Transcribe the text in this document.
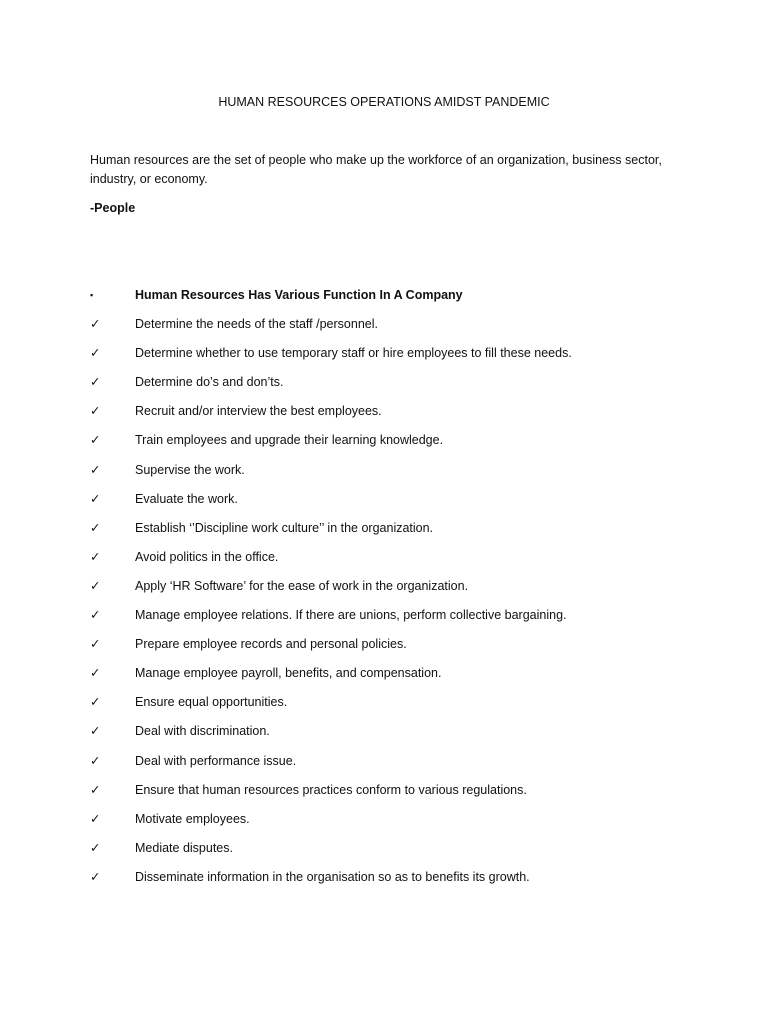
HUMAN RESOURCES OPERATIONS AMIDST PANDEMIC
Human resources are the set of people who make up the workforce of an organization, business sector, industry, or economy.
-People
▪	Human Resources Has Various Function In A Company
✓	Determine the needs of the staff /personnel.
✓	Determine whether to use temporary staff or hire employees to fill these needs.
✓	Determine do’s and don’ts.
✓	Recruit and/or interview the best employees.
✓	Train employees and upgrade their learning knowledge.
✓	Supervise the work.
✓	Evaluate the work.
✓	Establish ‘’Discipline work culture’’ in the organization.
✓	Avoid politics in the office.
✓	Apply ‘HR Software’ for the ease of work in the organization.
✓	Manage employee relations. If there are unions, perform collective bargaining.
✓	Prepare employee records and personal policies.
✓	Manage employee payroll, benefits, and compensation.
✓	Ensure equal opportunities.
✓	Deal with discrimination.
✓	Deal with performance issue.
✓	Ensure that human resources practices conform to various regulations.
✓	Motivate employees.
✓	Mediate disputes.
✓	Disseminate information in the organisation so as to benefits its growth.
